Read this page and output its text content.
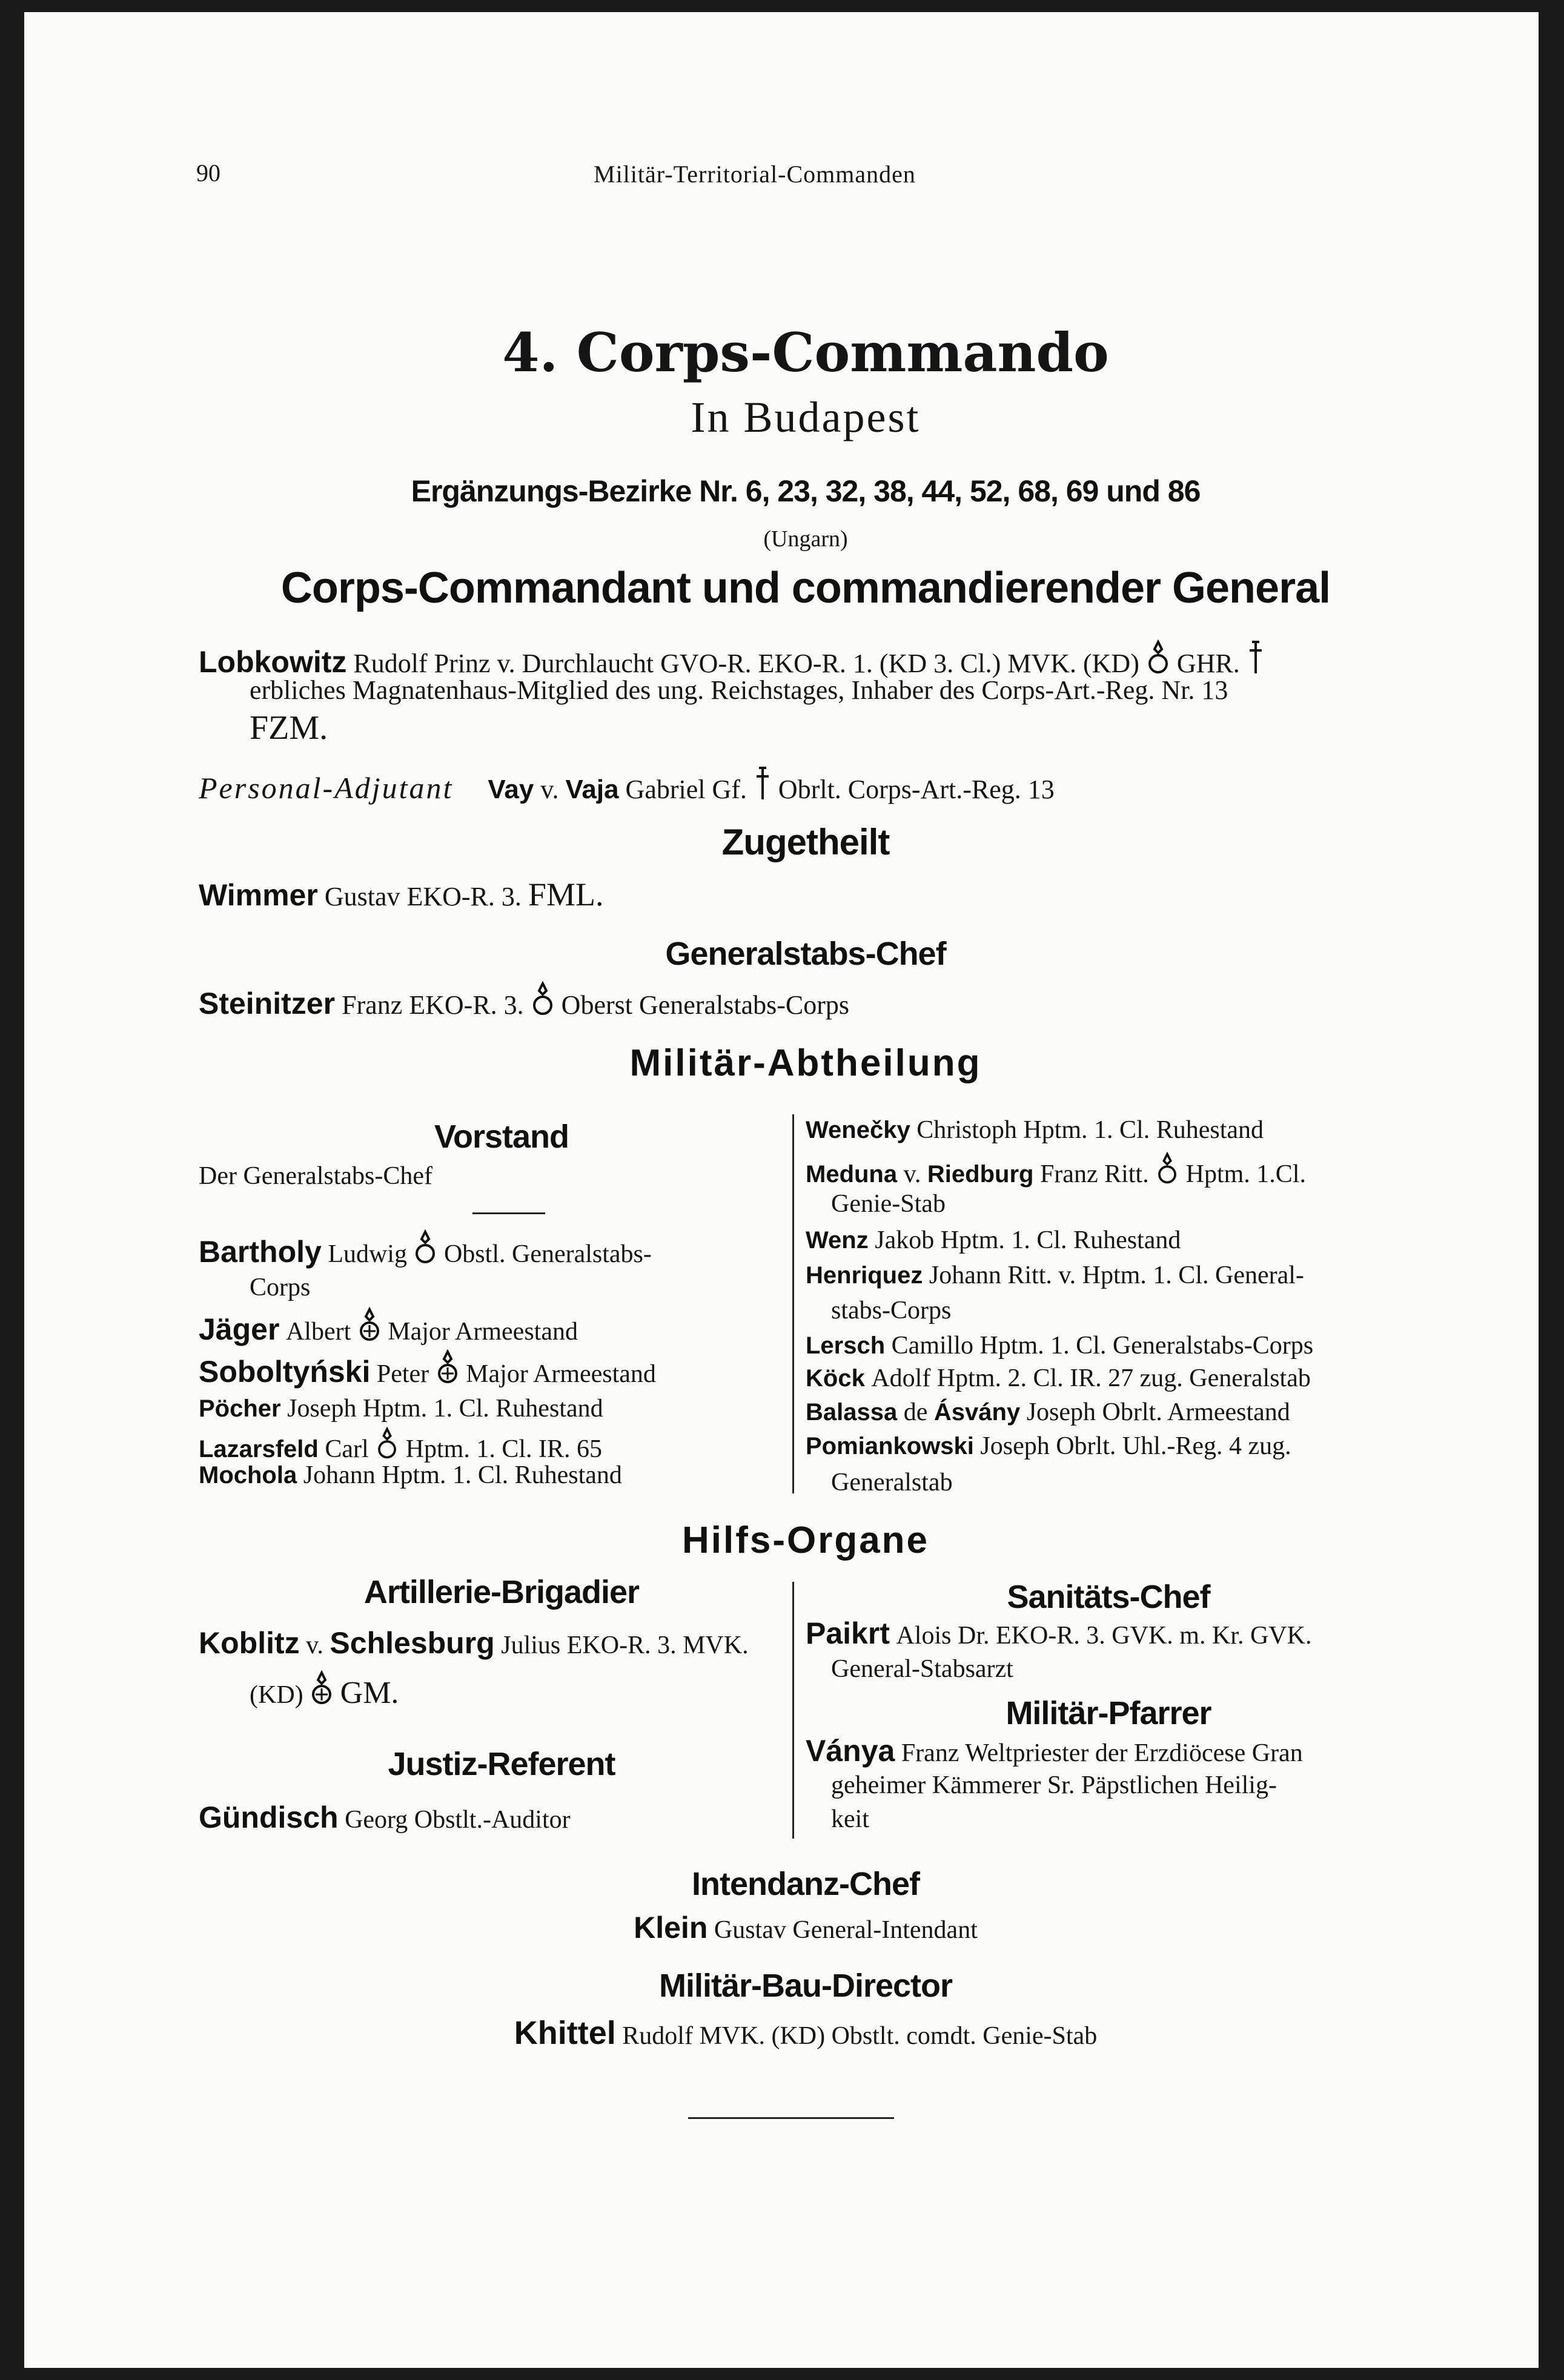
90	Militär-Territorial-Commanden
4. Corps-Commando
In Budapest
Ergänzungs-Bezirke Nr. 6, 23, 32, 38, 44, 52, 68, 69 und 86
(Ungarn)
Corps-Commandant und commandierender General
Lobkowitz Rudolf Prinz v. Durchlaucht GVO-R. EKO-R. 1. (KD 3. Cl.) MVK. (KD) GHR.
erbliches Magnatenhaus-Mitglied des ung. Reichstages, Inhaber des Corps-Art.-Reg. Nr. 13
FZM.
Personal-Adjutant Vay v. Vaja Gabriel Gf. Obrlt. Corps-Art.-Reg. 13
Zugetheilt
Wimmer Gustav EKO-R. 3. FML.
Generalstabs-Chef
Steinitzer Franz EKO-R. 3. Oberst Generalstabs-Corps
Militär-Abtheilung
Vorstand
Der Generalstabs-Chef
Bartholy Ludwig Obstl. Generalstabs-
Corps
Jäger Albert Major Armeestand
Soboltyński Peter Major Armeestand
Pöcher Joseph Hptm. 1. Cl. Ruhestand
Lazarsfeld Carl Hptm. 1. Cl. IR. 65
Mochola Johann Hptm. 1. Cl. Ruhestand
Wenečky Christoph Hptm. 1. Cl. Ruhestand
Meduna v. Riedburg Franz Ritt. Hptm. 1.Cl.
Genie-Stab
Wenz Jakob Hptm. 1. Cl. Ruhestand
Henriquez Johann Ritt. v. Hptm. 1. Cl. General-
stabs-Corps
Lersch Camillo Hptm. 1. Cl. Generalstabs-Corps
Köck Adolf Hptm. 2. Cl. IR. 27 zug. Generalstab
Balassa de Ásvány Joseph Obrlt. Armeestand
Pomiankowski Joseph Obrlt. Uhl.-Reg. 4 zug.
Generalstab
Hilfs-Organe
Artillerie-Brigadier
Koblitz v. Schlesburg Julius EKO-R. 3. MVK.
(KD) GM.
Justiz-Referent
Gündisch Georg Obstlt.-Auditor
Sanitäts-Chef
Paikrt Alois Dr. EKO-R. 3. GVK. m. Kr. GVK.
General-Stabsarzt
Militär-Pfarrer
Ványa Franz Weltpriester der Erzdiöcese Gran
geheimer Kämmerer Sr. Päpstlichen Heilig-
keit
Intendanz-Chef
Klein Gustav General-Intendant
Militär-Bau-Director
Khittel Rudolf MVK. (KD) Obstlt. comdt. Genie-Stab
